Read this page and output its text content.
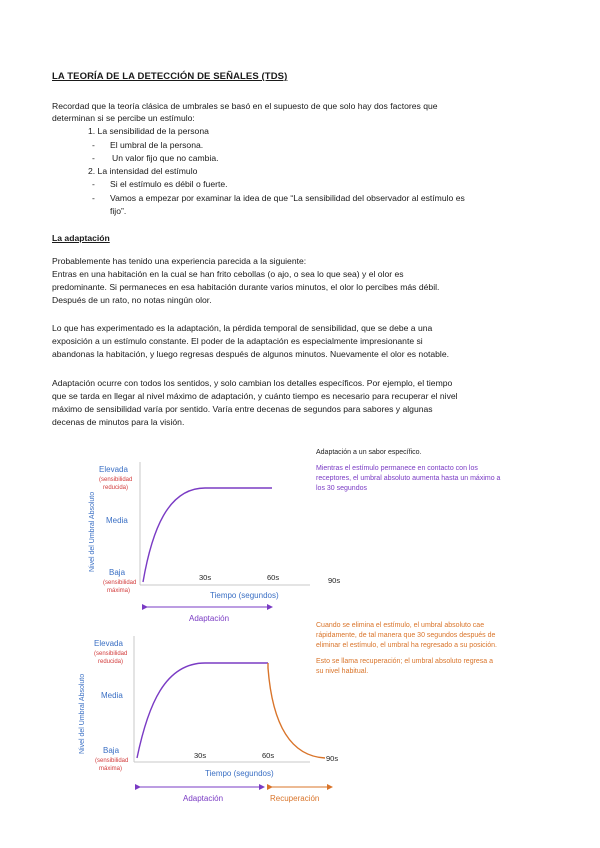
LA TEORÍA DE LA DETECCIÓN DE SEÑALES (TDS)
Recordad que la teoría clásica de umbrales se basó en el supuesto de que solo hay dos factores que
determinan si se percibe un estímulo:
1. La sensibilidad de la persona
- El umbral de la persona.
- Un valor fijo que no cambia.
2. La intensidad del estímulo
- Si el estímulo es débil o fuerte.
- Vamos a empezar por examinar la idea de que “La sensibilidad del observador al estímulo es
fijo”.
La adaptación
Probablemente has tenido una experiencia parecida a la siguiente:
Entras en una habitación en la cual se han frito cebollas (o ajo, o sea lo que sea) y el olor es
predominante. Si permaneces en esa habitación durante varios minutos, el olor lo percibes más débil.
Después de un rato, no notas ningún olor.
Lo que has experimentado es la adaptación, la pérdida temporal de sensibilidad, que se debe a una
exposición a un estímulo constante. El poder de la adaptación es especialmente impresionante si
abandonas la habitación, y luego regresas después de algunos minutos. Nuevamente el olor es notable.
Adaptación ocurre con todos los sentidos, y solo cambian los detalles específicos. Por ejemplo, el tiempo
que se tarda en llegar al nivel máximo de adaptación, y cuánto tiempo es necesario para recuperar el nivel
máximo de sensibilidad varía por sentido. Varía entre decenas de segundos para sabores y algunas
decenas de minutos para la visión.
Adaptación a un sabor específico.
Mientras el estímulo permanece en contacto con los
receptores, el umbral absoluto aumenta hasta un máximo a
los 30 segundos
Nivel del Umbral Absoluto
Elevada
(sensibilidad
reducida)
Media
Baja
(sensibilidad
máxima)
30s	60s	90s
Tiempo (segundos)
Adaptación
Cuando se elimina el estímulo, el umbral absoluto cae
rápidamente, de tal manera que 30 segundos después de
eliminar el estímulo, el umbral ha regresado a su posición.
Esto se llama recuperación; el umbral absoluto regresa a
su nivel habitual.
Nivel del Umbral Absoluto
Elevada
(sensibilidad
reducida)
Media
Baja
(sensibilidad
máxima)
30s	60s	90s
Tiempo (segundos)
Adaptación	Recuperación
